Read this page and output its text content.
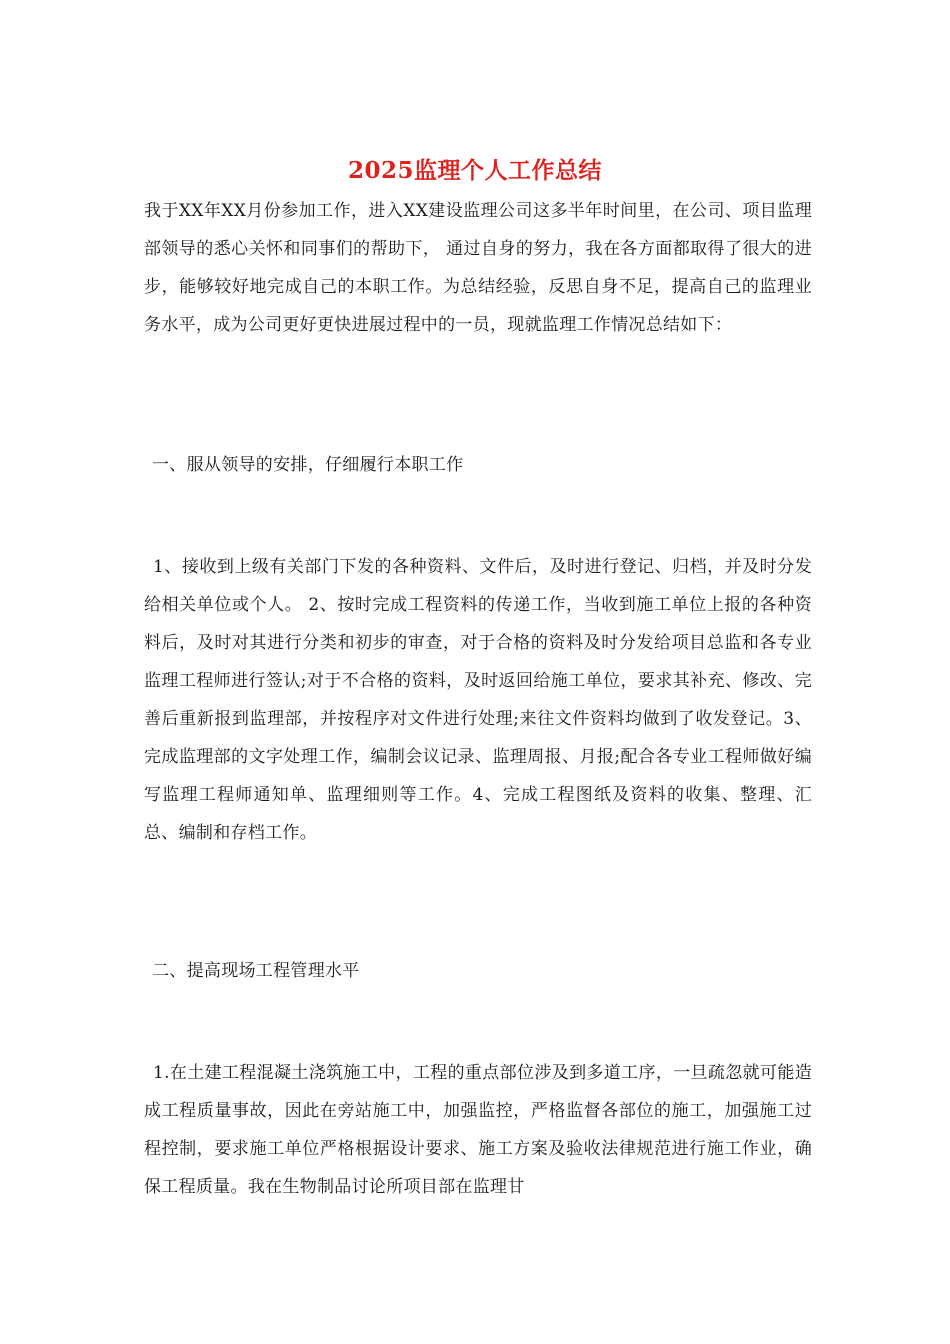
2025监理个人工作总结

我于XX年XX月份参加工作，进入XX建设监理公司这多半年时间里，在公司、项目监理部领导的悉心关怀和同事们的帮助下， 通过自身的努力，我在各方面都取得了很大的进步，能够较好地完成自己的本职工作。为总结经验，反思自身不足，提高自己的监理业务水平，成为公司更好更快进展过程中的一员，现就监理工作情况总结如下：

一、服从领导的安排，仔细履行本职工作

1、接收到上级有关部门下发的各种资料、文件后，及时进行登记、归档，并及时分发给相关单位或个人。 2、按时完成工程资料的传递工作，当收到施工单位上报的各种资料后，及时对其进行分类和初步的审查，对于合格的资料及时分发给项目总监和各专业监理工程师进行签认;对于不合格的资料，及时返回给施工单位，要求其补充、修改、完善后重新报到监理部，并按程序对文件进行处理;来往文件资料均做到了收发登记。3、完成监理部的文字处理工作，编制会议记录、监理周报、月报;配合各专业工程师做好编写监理工程师通知单、监理细则等工作。4、完成工程图纸及资料的收集、整理、汇总、编制和存档工作。

二、提高现场工程管理水平

1.在土建工程混凝土浇筑施工中，工程的重点部位涉及到多道工序，一旦疏忽就可能造成工程质量事故，因此在旁站施工中，加强监控，严格监督各部位的施工，加强施工过程控制，要求施工单位严格根据设计要求、施工方案及验收法律规范进行施工作业，确保工程质量。我在生物制品讨论所项目部在监理甘
